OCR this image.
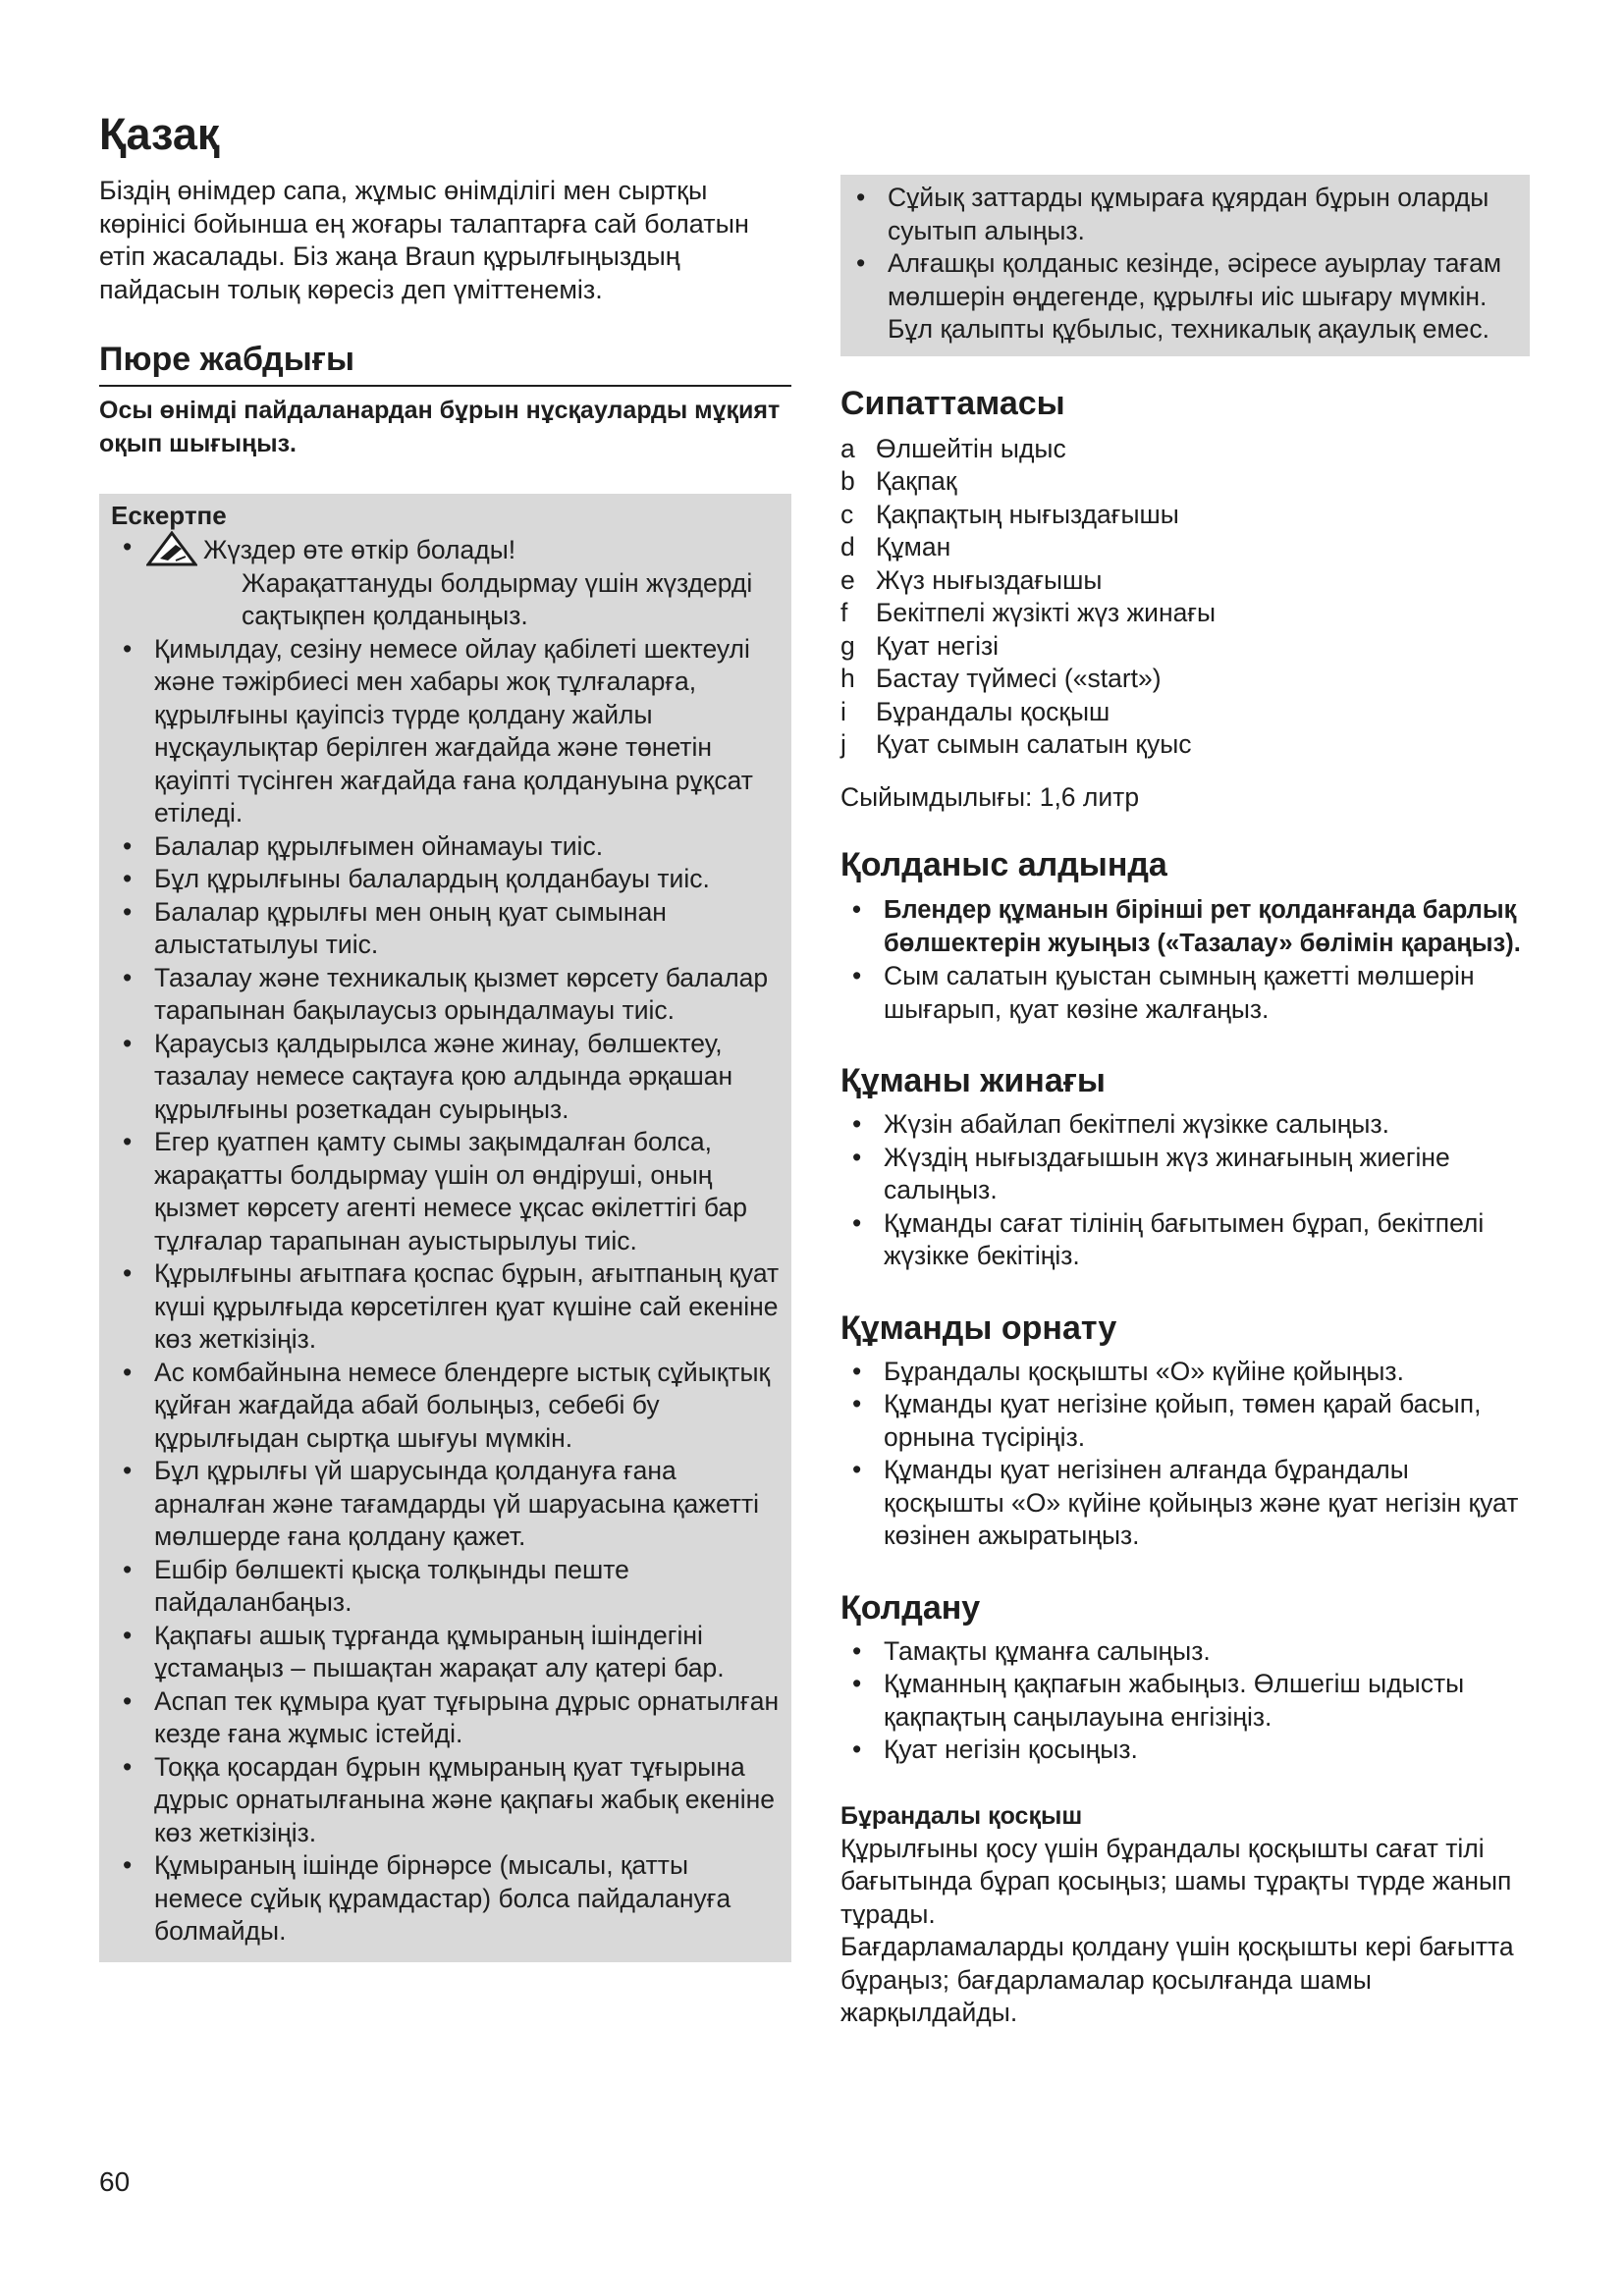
Қазақ

Біздің өнімдер сапа, жұмыс өнімділігі мен сыртқы көрінісі бойынша ең жоғары талаптарға сай болатын етіп жасалады. Біз жаңа Braun құрылғыңыздың пайдасын толық көресіз деп үміттенеміз.

Пюре жабдығы

Осы өнімді пайдаланардан бұрын нұсқауларды мұқият оқып шығыңыз.

Ескертпе
• Жүздер өте өткір болады!
Жарақаттануды болдырмау үшін жүздерді сақтықпен қолданыңыз.
• Қимылдау, сезіну немесе ойлау қабілеті шектеулі және тәжірбиесі мен хабары жоқ тұлғаларға, құрылғыны қауіпсіз түрде қолдану жайлы нұсқаулықтар берілген жағдайда және төнетін қауіпті түсінген жағдайда ғана қолдануына рұқсат етіледі.
• Балалар құрылғымен ойнамауы тиіс.
• Бұл құрылғыны балалардың қолданбауы тиіс.
• Балалар құрылғы мен оның қуат сымынан алыстатылуы тиіс.
• Тазалау және техникалық қызмет көрсету балалар тарапынан бақылаусыз орындалмауы тиіс.
• Қараусыз қалдырылса және жинау, бөлшектеу, тазалау немесе сақтауға қою алдында әрқашан құрылғыны розеткадан суырыңыз.
• Егер қуатпен қамту сымы зақымдалған болса, жарақатты болдырмау үшін ол өндіруші, оның қызмет көрсету агенті немесе ұқсас өкілеттігі бар тұлғалар тарапынан ауыстырылуы тиіс.
• Құрылғыны ағытпаға қоспас бұрын, ағытпаның қуат күші құрылғыда көрсетілген қуат күшіне сай екеніне көз жеткізіңіз.
• Ас комбайнына немесе блендерге ыстық сұйықтық құйған жағдайда абай болыңыз, себебі бу құрылғыдан сыртқа шығуы мүмкін.
• Бұл құрылғы үй шарусында қолдануға ғана арналған және тағамдарды үй шаруасына қажетті мөлшерде ғана қолдану қажет.
• Ешбір бөлшекті қысқа толқынды пеште пайдаланбаңыз.
• Қақпағы ашық тұрғанда құмыраның ішіндегіні ұстамаңыз – пышақтан жарақат алу қатері бар.
• Аспап тек құмыра қуат тұғырына дұрыс орнатылған кезде ғана жұмыс істейді.
• Тоққа қосардан бұрын құмыраның қуат тұғырына дұрыс орнатылғанына және қақпағы жабық екеніне көз жеткізіңіз.
• Құмыраның ішінде бірнәрсе (мысалы, қатты немесе сұйық құрамдастар) болса пайдалануға болмайды.
• Сұйық заттарды құмыраға құярдан бұрын оларды суытып алыңыз.
• Алғашқы қолданыс кезінде, әсіресе ауырлау тағам мөлшерін өңдегенде, құрылғы иіс шығару мүмкін. Бұл қалыпты құбылыс, техникалық ақаулық емес.
Сипаттамасы
a Өлшейтін ыдыс
b Қақпақ
c Қақпақтың нығыздағышы
d Құман
e Жүз нығыздағышы
f	Бекітпелі жүзікті жүз жинағы
g Қуат негізі
h Бастау түймесі («start»)
i	Бұрандалы қосқыш
j	Қуат сымын салатын қуыс

Сыйымдылығы: 1,6 литр

Қолданыс алдында
• Блендер құманын бірінші рет қолданғанда барлық бөлшектерін жуыңыз («Тазалау» бөлімін қараңыз).
• Сым салатын қуыстан сымның қажетті мөлшерін шығарып, қуат көзіне жалғаңыз.
Құманы жинағы
• Жүзін абайлап бекітпелі жүзікке салыңыз.
• Жүздің нығыздағышын жүз жинағының жиегіне салыңыз.
• Құманды сағат тілінің бағытымен бұрап, бекітпелі жүзікке бекітіңіз.
Құманды орнату
• Бұрандалы қосқышты «O» күйіне қойыңыз.
• Құманды қуат негізіне қойып, төмен қарай басып, орнына түсіріңіз.
• Құманды қуат негізінен алғанда бұрандалы қосқышты «O» күйіне қойыңыз және қуат негізін қуат көзінен ажыратыңыз.
Қолдану
• Тамақты құманға салыңыз.
• Құманның қақпағын жабыңыз. Өлшегіш ыдысты қақпақтың саңылауына енгізіңіз.
• Қуат негізін қосыңыз.
Бұрандалы қосқыш

Құрылғыны қосу үшін бұрандалы қосқышты сағат тілі бағытында бұрап қосыңыз; шамы тұрақты түрде жанып тұрады.

Бағдарламаларды қолдану үшін қосқышты кері бағытта бұраңыз; бағдарламалар қосылғанда шамы жарқылдайды.

60
